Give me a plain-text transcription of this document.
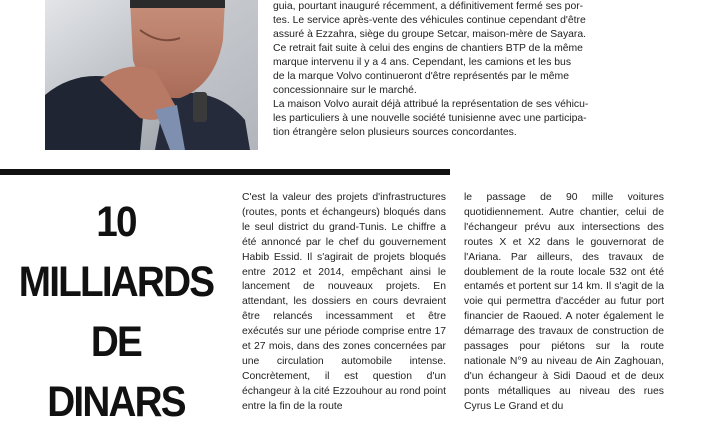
guia, pourtant inauguré récemment, a définitivement fermé ses por-

tes. Le service après-vente des véhicules continue cependant d'être

assuré à Ezzahra, siège du groupe Setcar, maison-mère de Sayara.

Ce retrait fait suite à celui des engins de chantiers BTP de la même

marque intervenu il y a 4 ans. Cependant, les camions et les bus

de la marque Volvo continueront d'être représentés par le même

concessionnaire sur le marché.

La maison Volvo aurait déjà attribué la représentation de ses véhicu-

les particuliers à une nouvelle société tunisienne avec une participa-

tion étrangère selon plusieurs sources concordantes.

10
MILLIARDS
DE
DINARS
C'est la valeur des projets d'infrastructures (routes, ponts et échangeurs) bloqués dans le seul district du grand-Tunis. Le chiffre a été annoncé par le chef du gouvernement Habib Essid. Il s'agirait de projets bloqués entre 2012 et 2014, empêchant ainsi le lancement de nouveaux projets. En attendant, les dossiers en cours devraient être relancés incessamment et être exécutés sur une période comprise entre 17 et 27 mois, dans des zones concernées par une circulation automobile intense. Concrètement, il est question d'un échangeur à la cité Ezzouhour au rond point entre la fin de la route
le passage de 90 mille voitures quotidiennement. Autre chantier, celui de l'échangeur prévu aux intersections des routes X et X2 dans le gouvernorat de l'Ariana. Par ailleurs, des travaux de doublement de la route locale 532 ont été entamés et portent sur 14 km. Il s'agit de la voie qui permettra d'accéder au futur port financier de Raoued. A noter également le démarrage des travaux de construction de passages pour piétons sur la route nationale N°9 au niveau de Ain Zaghouan, d'un échangeur à Sidi Daoud et de deux ponts métalliques au niveau des rues Cyrus Le Grand et du
